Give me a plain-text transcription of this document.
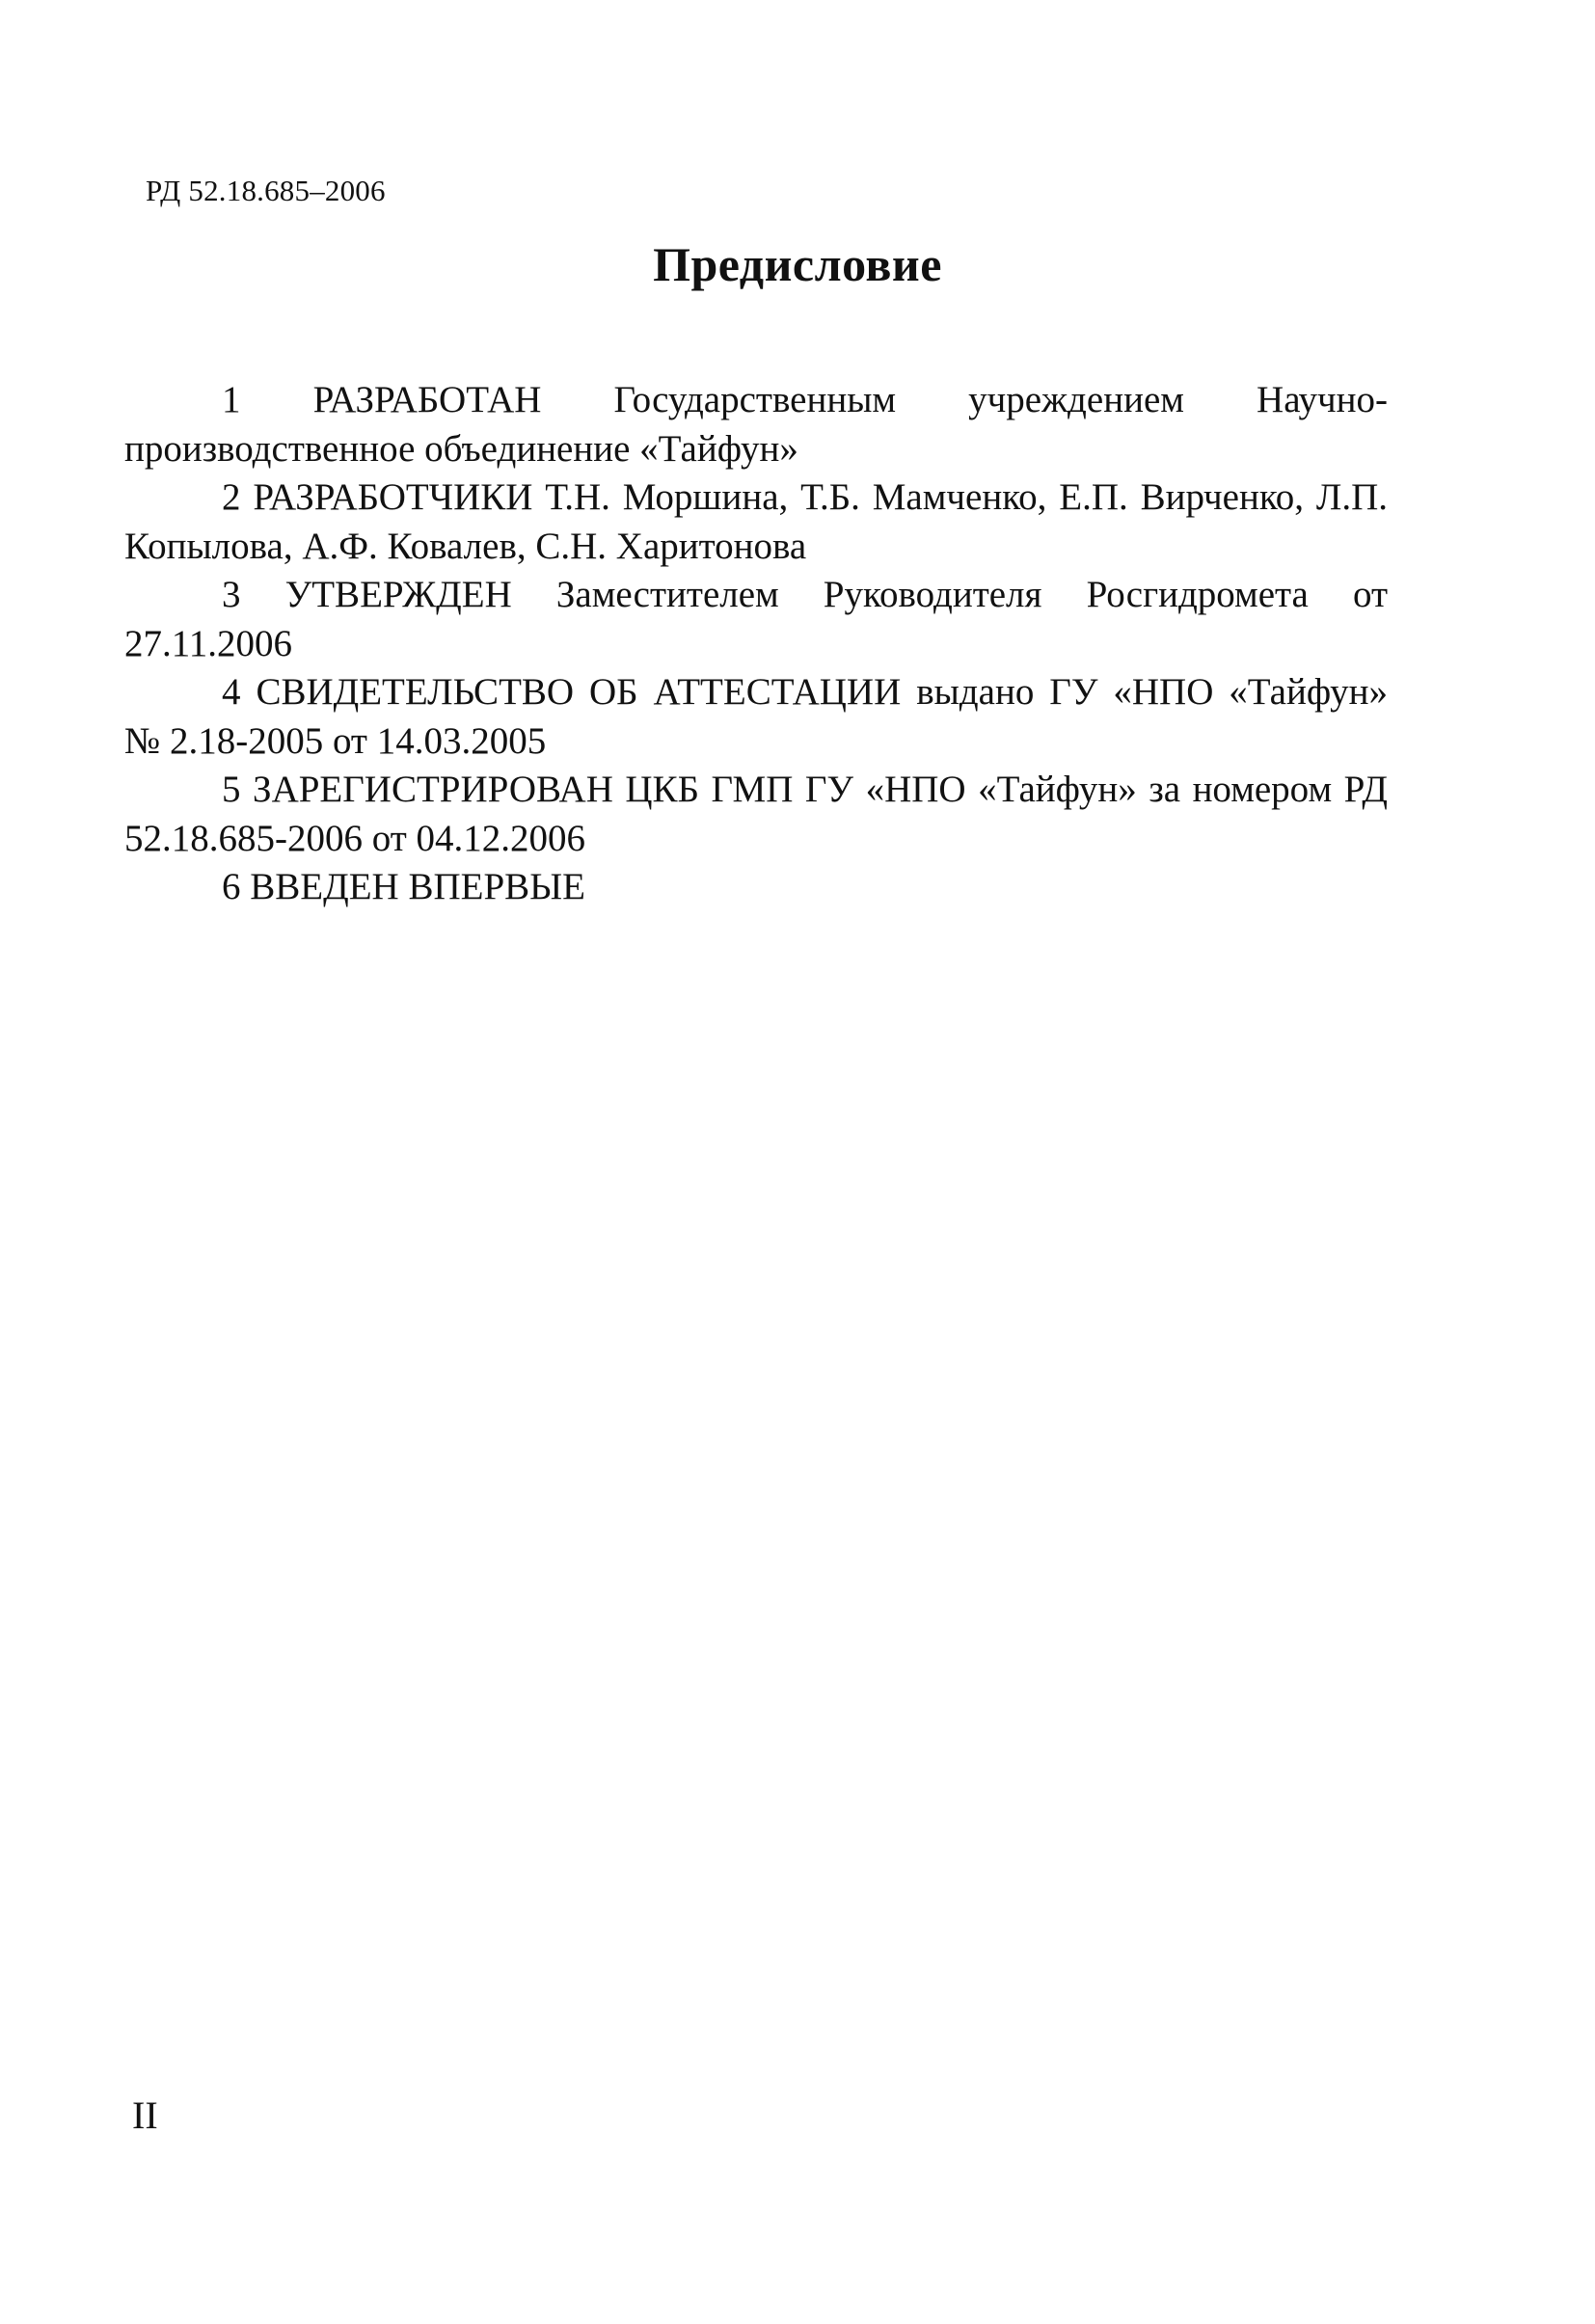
РД 52.18.685–2006
Предисловие

1 РАЗРАБОТАН Государственным учреждением Научно-производственное объединение «Тайфун»

2 РАЗРАБОТЧИКИ Т.Н. Моршина, Т.Б. Мамченко, Е.П. Вирченко, Л.П. Копылова, А.Ф. Ковалев, С.Н. Харитонова

3 УТВЕРЖДЕН Заместителем Руководителя Росгидромета от 27.11.2006

4 СВИДЕТЕЛЬСТВО ОБ АТТЕСТАЦИИ выдано ГУ «НПО «Тайфун» № 2.18-2005 от 14.03.2005

5 ЗАРЕГИСТРИРОВАН ЦКБ ГМП ГУ «НПО «Тайфун» за номером РД 52.18.685-2006 от 04.12.2006

6 ВВЕДЕН ВПЕРВЫЕ

II
